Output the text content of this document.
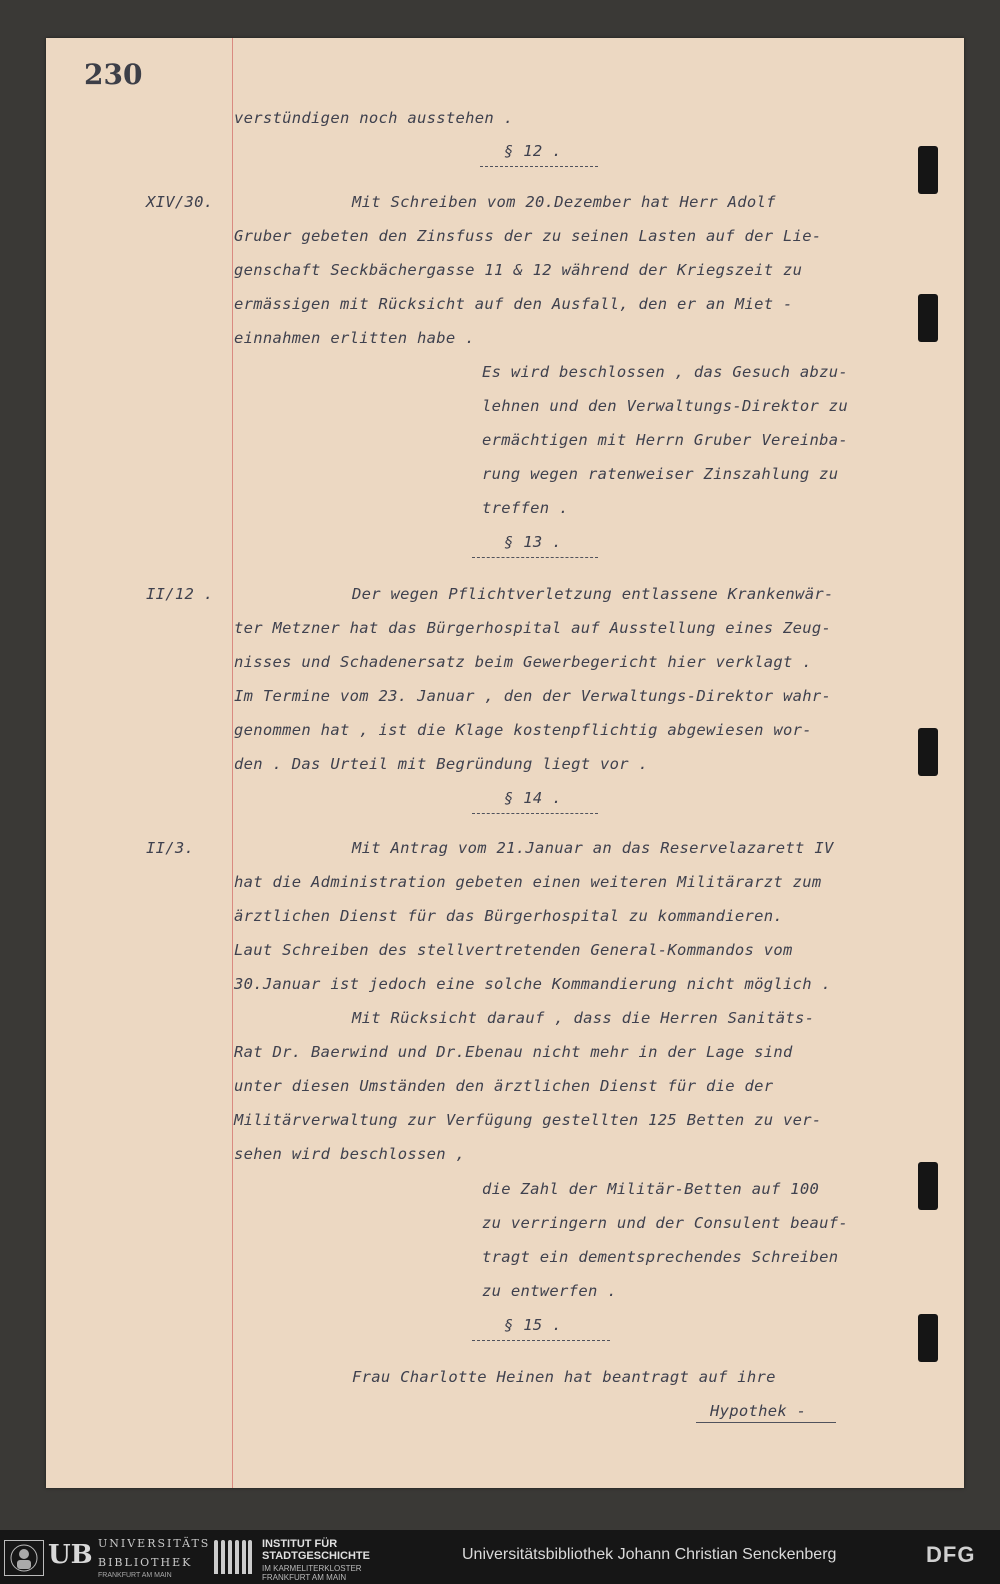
230
XIV/30.
II/12 .
II/3.
verstündigen noch ausstehen .
§ 12 .
Mit Schreiben vom 20.Dezember hat Herr Adolf
Gruber gebeten den Zinsfuss der zu seinen Lasten auf der Lie-
genschaft Seckbächergasse 11 & 12 während der Kriegszeit zu
ermässigen mit Rücksicht auf den Ausfall, den er an Miet -
einnahmen erlitten habe .
Es wird beschlossen , das Gesuch abzu-
lehnen und den Verwaltungs-Direktor zu
ermächtigen mit Herrn Gruber Vereinba-
rung wegen ratenweiser Zinszahlung zu
treffen .
§ 13 .
Der wegen Pflichtverletzung entlassene Krankenwär-
ter Metzner hat das Bürgerhospital auf Ausstellung eines Zeug-
nisses und Schadenersatz beim Gewerbegericht hier verklagt .
Im Termine vom 23. Januar , den der Verwaltungs-Direktor wahr-
genommen hat , ist die Klage kostenpflichtig abgewiesen wor-
den . Das Urteil mit Begründung liegt vor .
§ 14 .
Mit Antrag vom 21.Januar an das Reservelazarett IV
hat die Administration gebeten einen weiteren Militärarzt zum
ärztlichen Dienst für das Bürgerhospital zu kommandieren.
Laut Schreiben des stellvertretenden General-Kommandos vom
30.Januar ist jedoch eine solche Kommandierung nicht möglich .
Mit Rücksicht darauf , dass die Herren Sanitäts-
Rat Dr. Baerwind und Dr.Ebenau nicht mehr in der Lage sind
unter diesen Umständen den ärztlichen Dienst für die der
Militärverwaltung zur Verfügung gestellten 125 Betten zu ver-
sehen wird beschlossen ,
die Zahl der Militär-Betten auf 100
zu verringern und der Consulent beauf-
tragt ein dementsprechendes Schreiben
zu entwerfen .
§ 15 .
Frau Charlotte Heinen hat beantragt auf ihre
Hypothek -
UB UNIVERSITÄTS
BIBLIOTHEK
FRANKFURT AM MAIN
INSTITUT FÜR
STADTGESCHICHTE
IM KARMELITERKLOSTER
FRANKFURT AM MAIN
Universitätsbibliothek Johann Christian Senckenberg	DFG
